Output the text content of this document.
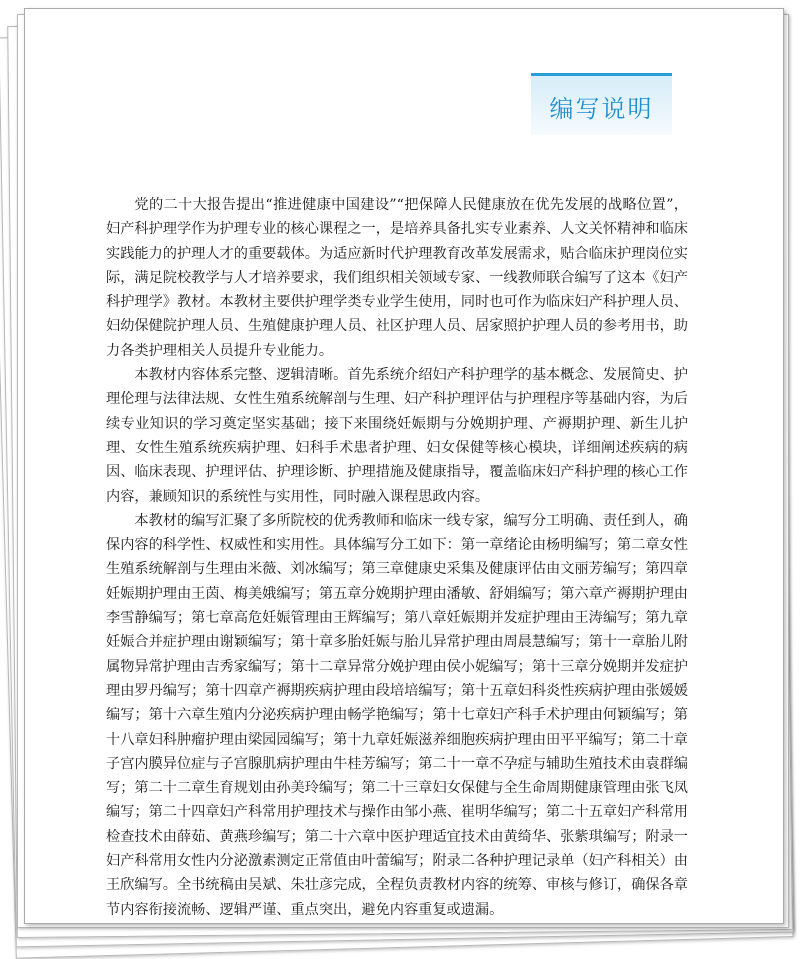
编写说明

党的二十大报告提出“推进健康中国建设”“把保障人民健康放在优先发展的战略位置”，妇产科护理学作为护理专业的核心课程之一，是培养具备扎实专业素养、人文关怀精神和临床实践能力的护理人才的重要载体。为适应新时代护理教育改革发展需求，贴合临床护理岗位实际，满足院校教学与人才培养要求，我们组织相关领域专家、一线教师联合编写了这本《妇产科护理学》教材。本教材主要供护理学类专业学生使用，同时也可作为临床妇产科护理人员、妇幼保健院护理人员、生殖健康护理人员、社区护理人员、居家照护护理人员的参考用书，助力各类护理相关人员提升专业能力。

本教材内容体系完整、逻辑清晰。首先系统介绍妇产科护理学的基本概念、发展简史、护理伦理与法律法规、女性生殖系统解剖与生理、妇产科护理评估与护理程序等基础内容，为后续专业知识的学习奠定坚实基础；接下来围绕妊娠期与分娩期护理、产褥期护理、新生儿护理、女性生殖系统疾病护理、妇科手术患者护理、妇女保健等核心模块，详细阐述疾病的病因、临床表现、护理评估、护理诊断、护理措施及健康指导，覆盖临床妇产科护理的核心工作内容，兼顾知识的系统性与实用性，同时融入课程思政内容。

本教材的编写汇聚了多所院校的优秀教师和临床一线专家，编写分工明确、责任到人，确保内容的科学性、权威性和实用性。具体编写分工如下：第一章绪论由杨明编写；第二章女性生殖系统解剖与生理由米薇、刘冰编写；第三章健康史采集及健康评估由文丽芳编写；第四章妊娠期护理由王茵、梅美娥编写；第五章分娩期护理由潘敏、舒娟编写；第六章产褥期护理由李雪静编写；第七章高危妊娠管理由王辉编写；第八章妊娠期并发症护理由王涛编写；第九章妊娠合并症护理由谢颖编写；第十章多胎妊娠与胎儿异常护理由周晨慧编写；第十一章胎儿附属物异常护理由吉秀家编写；第十二章异常分娩护理由侯小妮编写；第十三章分娩期并发症护理由罗丹编写；第十四章产褥期疾病护理由段培培编写；第十五章妇科炎性疾病护理由张媛媛编写；第十六章生殖内分泌疾病护理由畅学艳编写；第十七章妇产科手术护理由何颖编写；第十八章妇科肿瘤护理由梁园园编写；第十九章妊娠滋养细胞疾病护理由田平平编写；第二十章子宫内膜异位症与子宫腺肌病护理由牛桂芳编写；第二十一章不孕症与辅助生殖技术由袁群编写；第二十二章生育规划由孙美玲编写；第二十三章妇女保健与全生命周期健康管理由张飞凤编写；第二十四章妇产科常用护理技术与操作由邹小燕、崔明华编写；第二十五章妇产科常用检查技术由薛茹、黄燕珍编写；第二十六章中医护理适宜技术由黄绮华、张紫琪编写；附录一妇产科常用女性内分泌激素测定正常值由叶蕾编写；附录二各种护理记录单（妇产科相关）由王欣编写。全书统稿由吴斌、朱壮彦完成，全程负责教材内容的统筹、审核与修订，确保各章节内容衔接流畅、逻辑严谨、重点突出，避免内容重复或遗漏。
